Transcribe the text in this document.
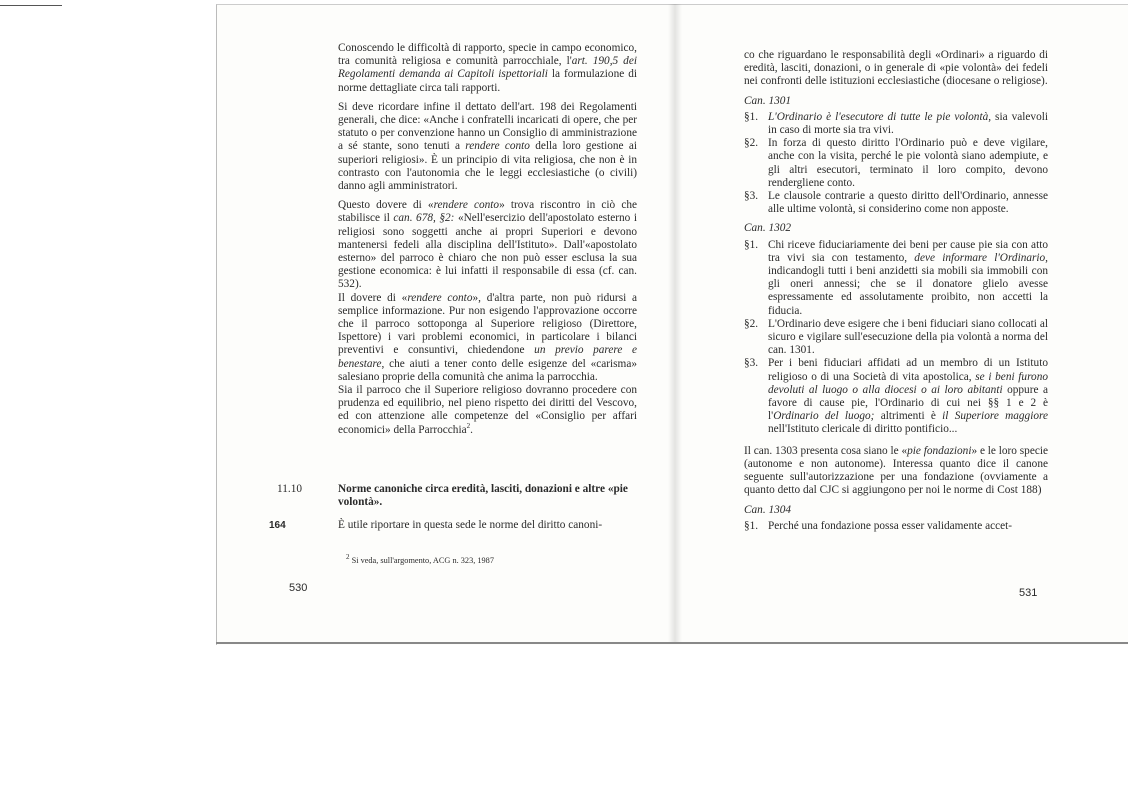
Conoscendo le difficoltà di rapporto, specie in campo economico, tra comunità religiosa e comunità parrocchiale, l'art. 190,5 dei Regolamenti demanda ai Capitoli ispettoriali la formulazione di norme dettagliate circa tali rapporti.

Si deve ricordare infine il dettato dell'art. 198 dei Regolamenti generali, che dice: «Anche i confratelli incaricati di opere, che per statuto o per convenzione hanno un Consiglio di amministrazione a sé stante, sono tenuti a rendere conto della loro gestione ai superiori religiosi». È un principio di vita religiosa, che non è in contrasto con l'autonomia che le leggi ecclesiastiche (o civili) danno agli amministratori.

Questo dovere di «rendere conto» trova riscontro in ciò che stabilisce il can. 678, §2: «Nell'esercizio dell'apostolato esterno i religiosi sono soggetti anche ai propri Superiori e devono mantenersi fedeli alla disciplina dell'Istituto». Dall'«apostolato esterno» del parroco è chiaro che non può esser esclusa la sua gestione economica: è lui infatti il responsabile di essa (cf. can. 532).

Il dovere di «rendere conto», d'altra parte, non può ridursi a semplice informazione. Pur non esigendo l'approvazione occorre che il parroco sottoponga al Superiore religioso (Direttore, Ispettore) i vari problemi economici, in particolare i bilanci preventivi e consuntivi, chiedendone un previo parere e benestare, che aiuti a tener conto delle esigenze del «carisma» salesiano proprie della comunità che anima la parrocchia.

Sia il parroco che il Superiore religioso dovranno procedere con prudenza ed equilibrio, nel pieno rispetto dei diritti del Vescovo, ed con attenzione alle competenze del «Consiglio per affari economici» della Parrocchia$^2$.

11.10	Norme canoniche circa eredità, lasciti, donazioni e altre «pie volontà».
164	È utile riportare in questa sede le norme del diritto canoni-
$^2$ Si veda, sull'argomento, ACG n. 323, 1987
530

co che riguardano le responsabilità degli «Ordinari» a riguardo di eredità, lasciti, donazioni, o in generale di «pie volontà» dei fedeli nei confronti delle istituzioni ecclesiastiche (diocesane o religiose).

Can. 1301
§1. L'Ordinario è l'esecutore di tutte le pie volontà, sia valevoli in caso di morte sia tra vivi.
§2. In forza di questo diritto l'Ordinario può e deve vigilare, anche con la visita, perché le pie volontà siano adempiute, e gli altri esecutori, terminato il loro compito, devono rendergliene conto.
§3. Le clausole contrarie a questo diritto dell'Ordinario, annesse alle ultime volontà, si considerino come non apposte.
Can. 1302
§1. Chi riceve fiduciariamente dei beni per cause pie sia con atto tra vivi sia con testamento, deve informare l'Ordinario, indicandogli tutti i beni anzidetti sia mobili sia immobili con gli oneri annessi; che se il donatore glielo avesse espressamente ed assolutamente proibito, non accetti la fiducia.
§2. L'Ordinario deve esigere che i beni fiduciari siano collocati al sicuro e vigilare sull'esecuzione della pia volontà a norma del can. 1301.
§3. Per i beni fiduciari affidati ad un membro di un Istituto religioso o di una Società di vita apostolica, se i beni furono devoluti al luogo o alla diocesi o ai loro abitanti oppure a favore di cause pie, l'Ordinario di cui nei §§ 1 e 2 è l'Ordinario del luogo; altrimenti è il Superiore maggiore nell'Istituto clericale di diritto pontificio...

Il can. 1303 presenta cosa siano le «pie fondazioni» e le loro specie (autonome e non autonome). Interessa quanto dice il canone seguente sull'autorizzazione per una fondazione (ovviamente a quanto detto dal CJC si aggiungono per noi le norme di Cost 188)

Can. 1304
§1. Perché una fondazione possa esser validamente accet-
531
